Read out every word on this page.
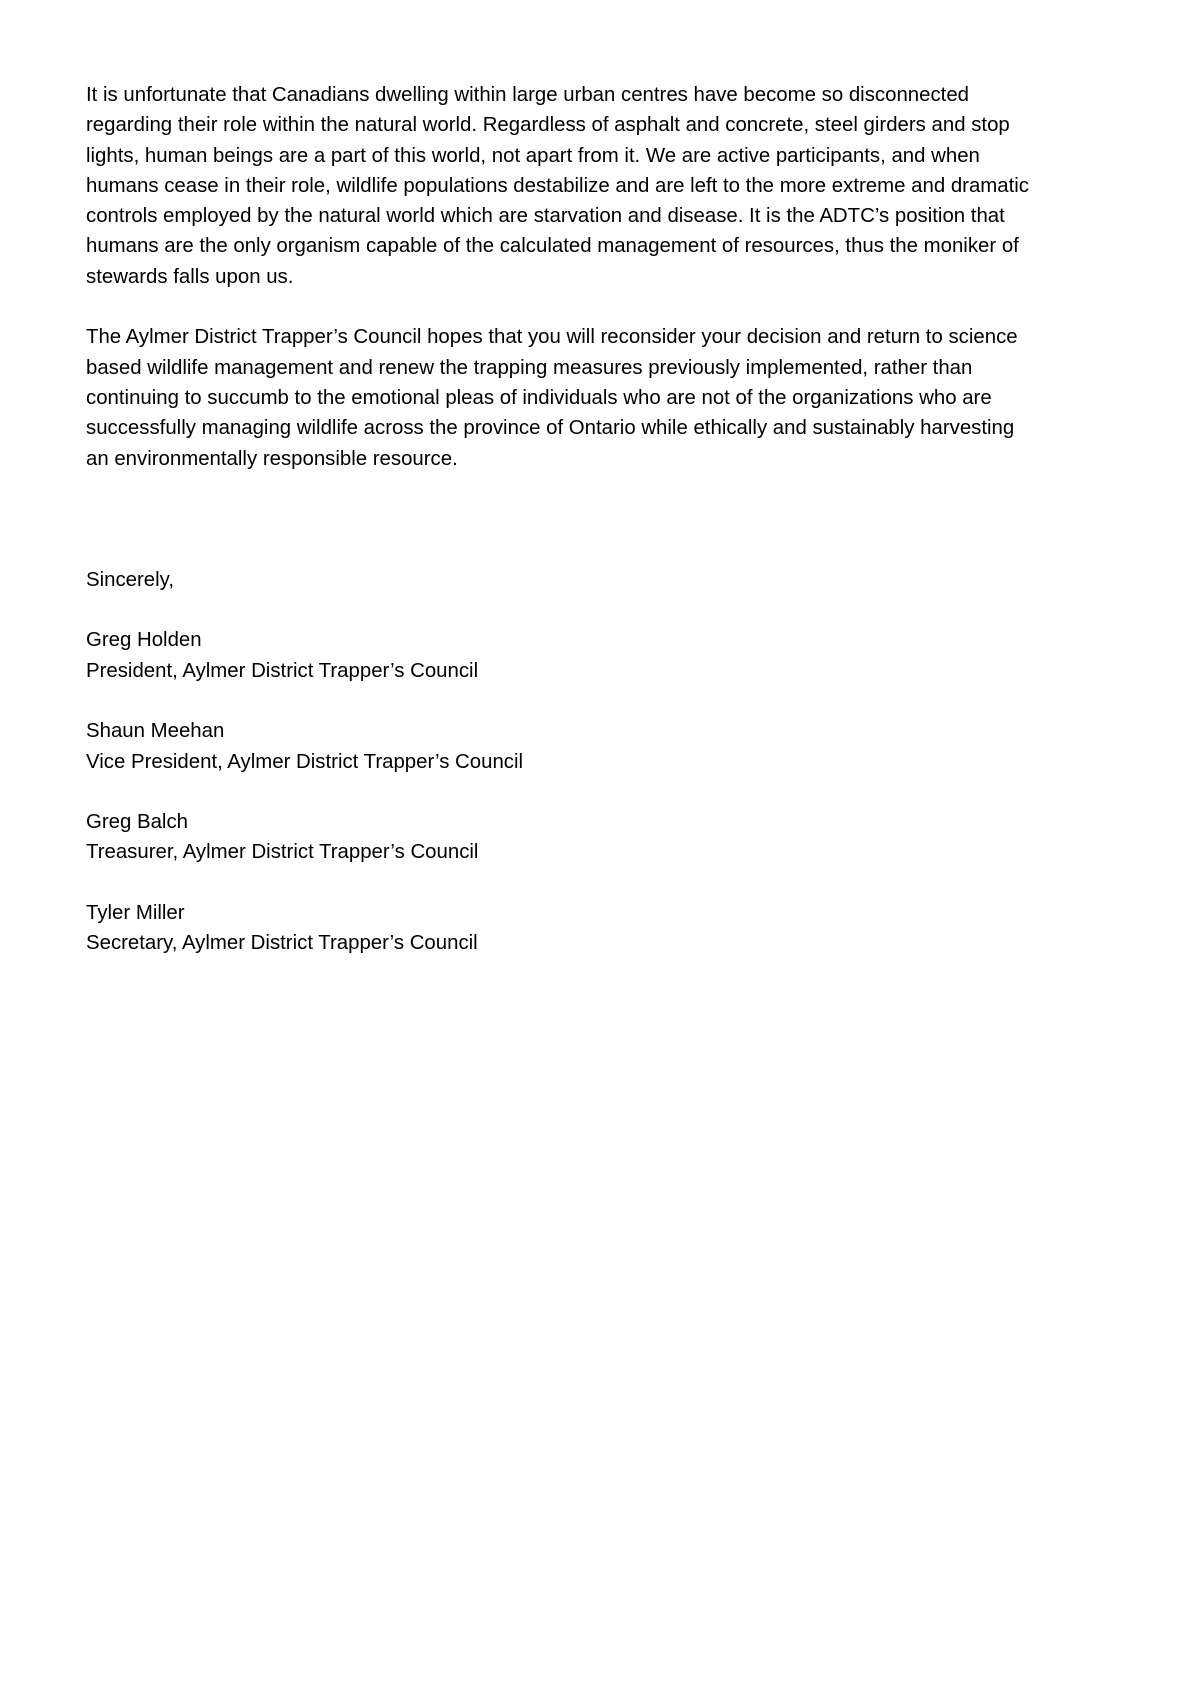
It is unfortunate that Canadians dwelling within large urban centres have become so disconnected
regarding their role within the natural world. Regardless of asphalt and concrete, steel girders and stop
lights, human beings are a part of this world, not apart from it. We are active participants, and when
humans cease in their role, wildlife populations destabilize and are left to the more extreme and dramatic
controls employed by the natural world which are starvation and disease. It is the ADTC’s position that
humans are the only organism capable of the calculated management of resources, thus the moniker of
stewards falls upon us.
The Aylmer District Trapper’s Council hopes that you will reconsider your decision and return to science
based wildlife management and renew the trapping measures previously implemented, rather than
continuing to succumb to the emotional pleas of individuals who are not of the organizations who are
successfully managing wildlife across the province of Ontario while ethically and sustainably harvesting
an environmentally responsible resource.

Sincerely,

Greg Holden

President, Aylmer District Trapper’s Council

Shaun Meehan

Vice President, Aylmer District Trapper’s Council

Greg Balch

Treasurer, Aylmer District Trapper’s Council

Tyler Miller

Secretary, Aylmer District Trapper’s Council
